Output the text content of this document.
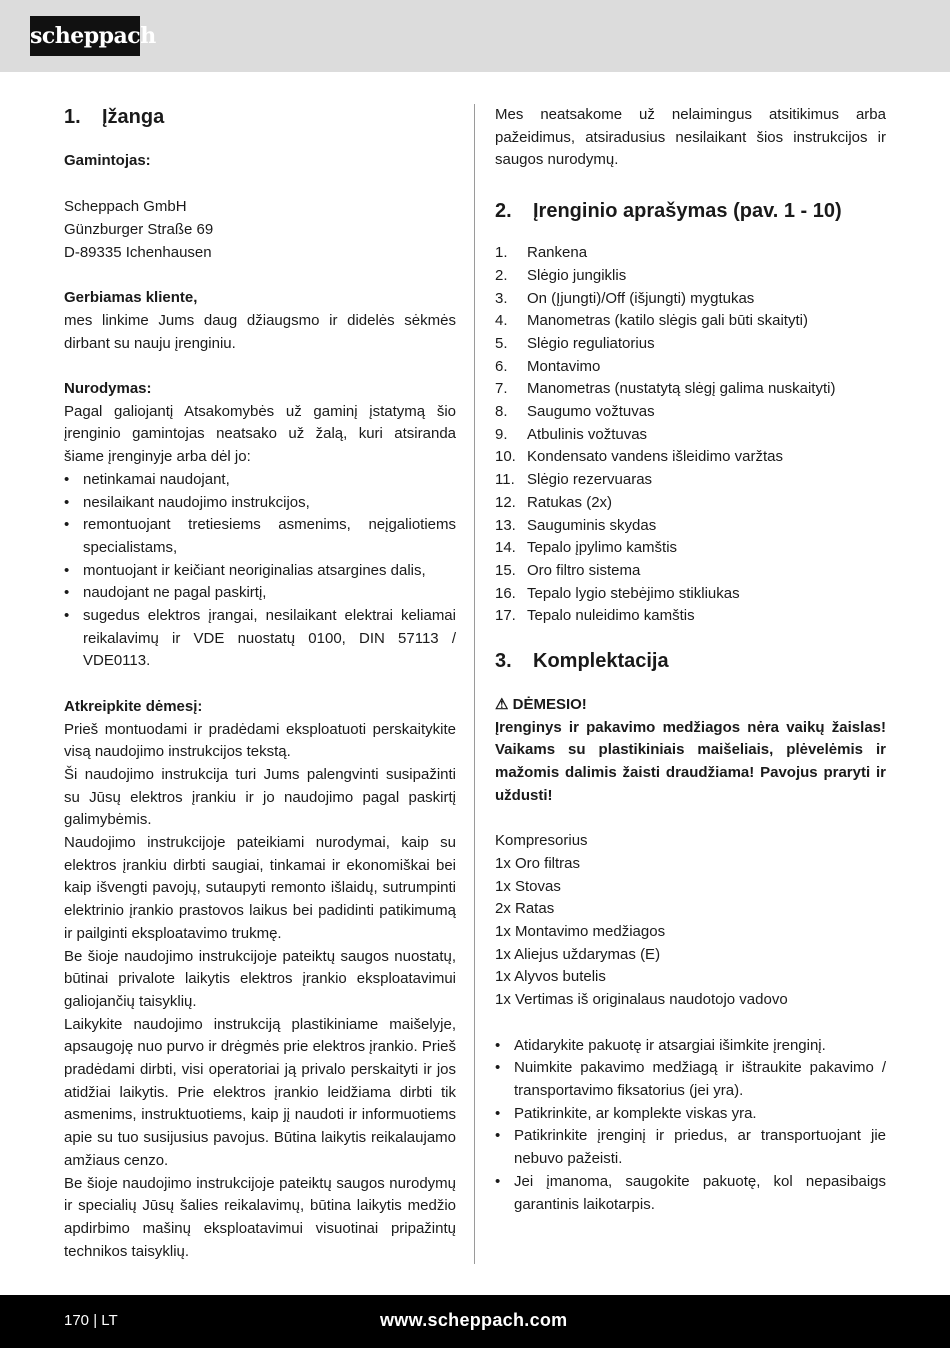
scheppach
1.	Įžanga

Gamintojas:

Scheppach GmbH

Günzburger Straße 69

D-89335 Ichenhausen

Gerbiamas kliente,

mes linkime Jums daug džiaugsmo ir didelės sėkmės dirbant su nauju įrenginiu.

Nurodymas:

Pagal galiojantį Atsakomybės už gaminį įstatymą šio įrenginio gamintojas neatsako už žalą, kuri atsiranda šiame įrenginyje arba dėl jo:

• netinkamai naudojant,
• nesilaikant naudojimo instrukcijos,
• remontuojant tretiesiems asmenims, neįgaliotiems specialistams,
• montuojant ir keičiant neoriginalias atsargines dalis,
• naudojant ne pagal paskirtį,
• sugedus elektros įrangai, nesilaikant elektrai keliamai reikalavimų ir VDE nuostatų 0100, DIN 57113 / VDE0113.

Atkreipkite dėmesį:

Prieš montuodami ir pradėdami eksploatuoti perskaitykite visą naudojimo instrukcijos tekstą.

Ši naudojimo instrukcija turi Jums palengvinti susipažinti su Jūsų elektros įrankiu ir jo naudojimo pagal paskirtį galimybėmis.

Naudojimo instrukcijoje pateikiami nurodymai, kaip su elektros įrankiu dirbti saugiai, tinkamai ir ekonomiškai bei kaip išvengti pavojų, sutaupyti remonto išlaidų, sutrumpinti elektrinio įrankio prastovos laikus bei padidinti patikimumą ir pailginti eksploatavimo trukmę.

Be šioje naudojimo instrukcijoje pateiktų saugos nuostatų, būtinai privalote laikytis elektros įrankio eksploatavimui galiojančių taisyklių.

Laikykite naudojimo instrukciją plastikiniame maišelyje, apsaugoję nuo purvo ir drėgmės prie elektros įrankio. Prieš pradėdami dirbti, visi operatoriai ją privalo perskaityti ir jos atidžiai laikytis. Prie elektros įrankio leidžiama dirbti tik asmenims, instruktuotiems, kaip jį naudoti ir informuotiems apie su tuo susijusius pavojus. Būtina laikytis reikalaujamo amžiaus cenzo.

Be šioje naudojimo instrukcijoje pateiktų saugos nurodymų ir specialių Jūsų šalies reikalavimų, būtina laikytis medžio apdirbimo mašinų eksploatavimui visuotinai pripažintų technikos taisyklių.

Mes neatsakome už nelaimingus atsitikimus arba pažeidimus, atsiradusius nesilaikant šios instrukcijos ir saugos nurodymų.

2.	Įrenginio aprašymas (pav. 1 - 10)
1.	Rankena
2.	Slėgio jungiklis
3.	On (Įjungti)/Off (išjungti) mygtukas
4.	Manometras (katilo slėgis gali būti skaityti)
5.	Slėgio reguliatorius
6.	Montavimo
7.	Manometras (nustatytą slėgį galima nuskaityti)
8.	Saugumo vožtuvas
9.	Atbulinis vožtuvas
10. Kondensato vandens išleidimo varžtas
11. Slėgio rezervuaras
12. Ratukas (2x)
13. Sauguminis skydas
14. Tepalo įpylimo kamštis
15. Oro filtro sistema
16. Tepalo lygio stebėjimo stikliukas
17. Tepalo nuleidimo kamštis
3.	Komplektacija

⚠ DĖMESIO!

Įrenginys ir pakavimo medžiagos nėra vaikų žaislas! Vaikams su plastikiniais maišeliais, plėvelėmis ir mažomis dalimis žaisti draudžiama! Pavojus praryti ir uždusti!

Kompresorius

1x Oro filtras

1x Stovas

2x Ratas

1x Montavimo medžiagos

1x Aliejus uždarymas (E)

1x Alyvos butelis

1x Vertimas iš originalaus naudotojo vadovo

• Atidarykite pakuotę ir atsargiai išimkite įrenginį.
• Nuimkite pakavimo medžiagą ir ištraukite pakavimo / transportavimo fiksatorius (jei yra).
• Patikrinkite, ar komplekte viskas yra.
• Patikrinkite įrenginį ir priedus, ar transportuojant jie nebuvo pažeisti.
• Jei įmanoma, saugokite pakuotę, kol nepasibaigs garantinis laikotarpis.
170 | LT	www.scheppach.com
